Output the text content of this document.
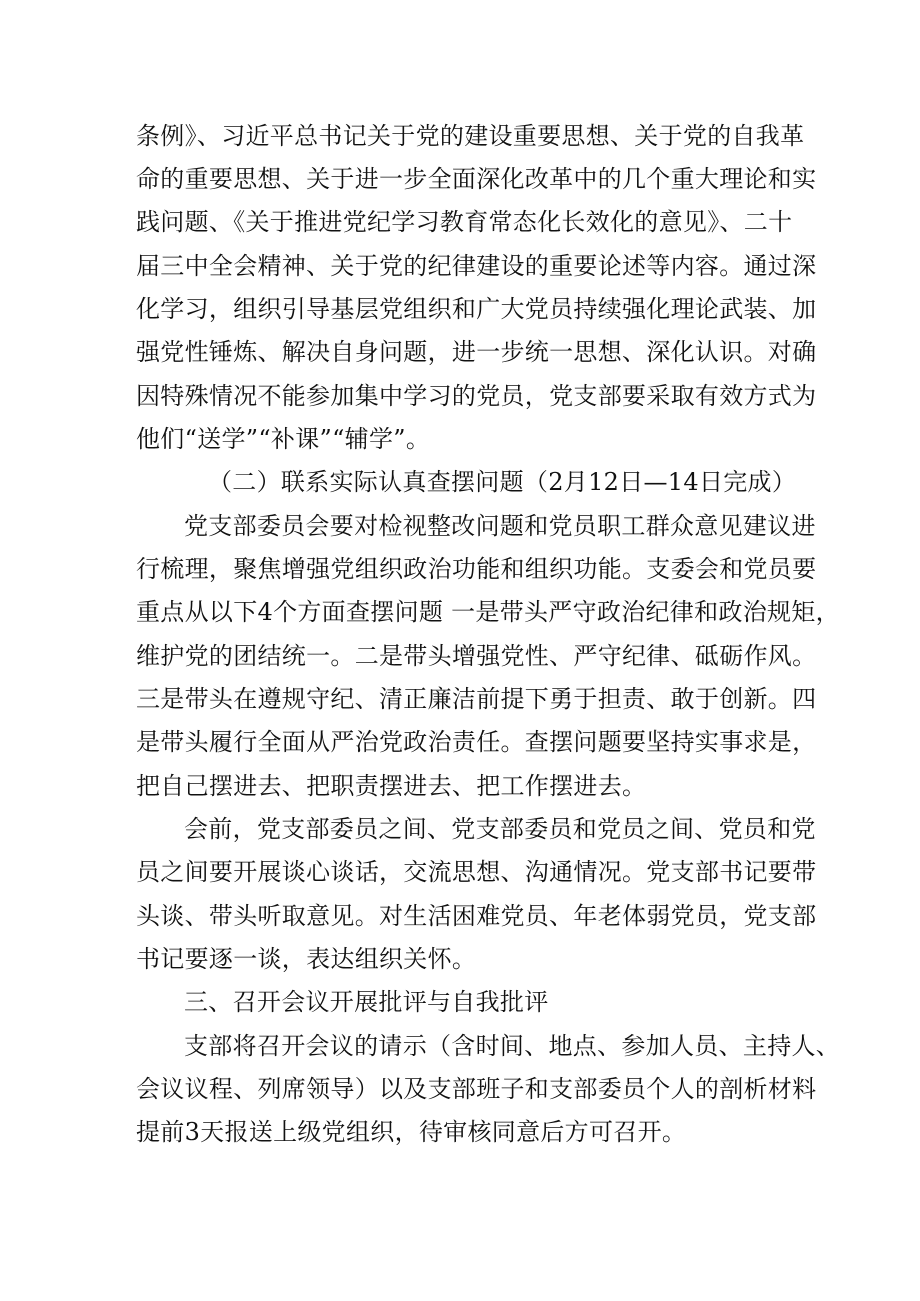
条例》、习近平总书记关于党的建设重要思想、关于党的自我革
命的重要思想、关于进一步全面深化改革中的几个重大理论和实
践问题、《关于推进党纪学习教育常态化长效化的意见》、二十
届三中全会精神、关于党的纪律建设的重要论述等内容。通过深
化学习，组织引导基层党组织和广大党员持续强化理论武装、加
强党性锤炼、解决自身问题，进一步统一思想、深化认识。对确
因特殊情况不能参加集中学习的党员，党支部要采取有效方式为
他们“送学”“补课”“辅学”。
（二）联系实际认真查摆问题（2月12日—14日完成）
党支部委员会要对检视整改问题和党员职工群众意见建议进
行梳理，聚焦增强党组织政治功能和组织功能。支委会和党员要
重点从以下4个方面查摆问题 一是带头严守政治纪律和政治规矩，
维护党的团结统一。二是带头增强党性、严守纪律、砥砺作风。
三是带头在遵规守纪、清正廉洁前提下勇于担责、敢于创新。四
是带头履行全面从严治党政治责任。查摆问题要坚持实事求是，
把自己摆进去、把职责摆进去、把工作摆进去。
会前，党支部委员之间、党支部委员和党员之间、党员和党
员之间要开展谈心谈话，交流思想、沟通情况。党支部书记要带
头谈、带头听取意见。对生活困难党员、年老体弱党员，党支部
书记要逐一谈，表达组织关怀。
三、召开会议开展批评与自我批评
支部将召开会议的请示（含时间、地点、参加人员、主持人、
会议议程、列席领导）以及支部班子和支部委员个人的剖析材料
提前3天报送上级党组织，待审核同意后方可召开。
